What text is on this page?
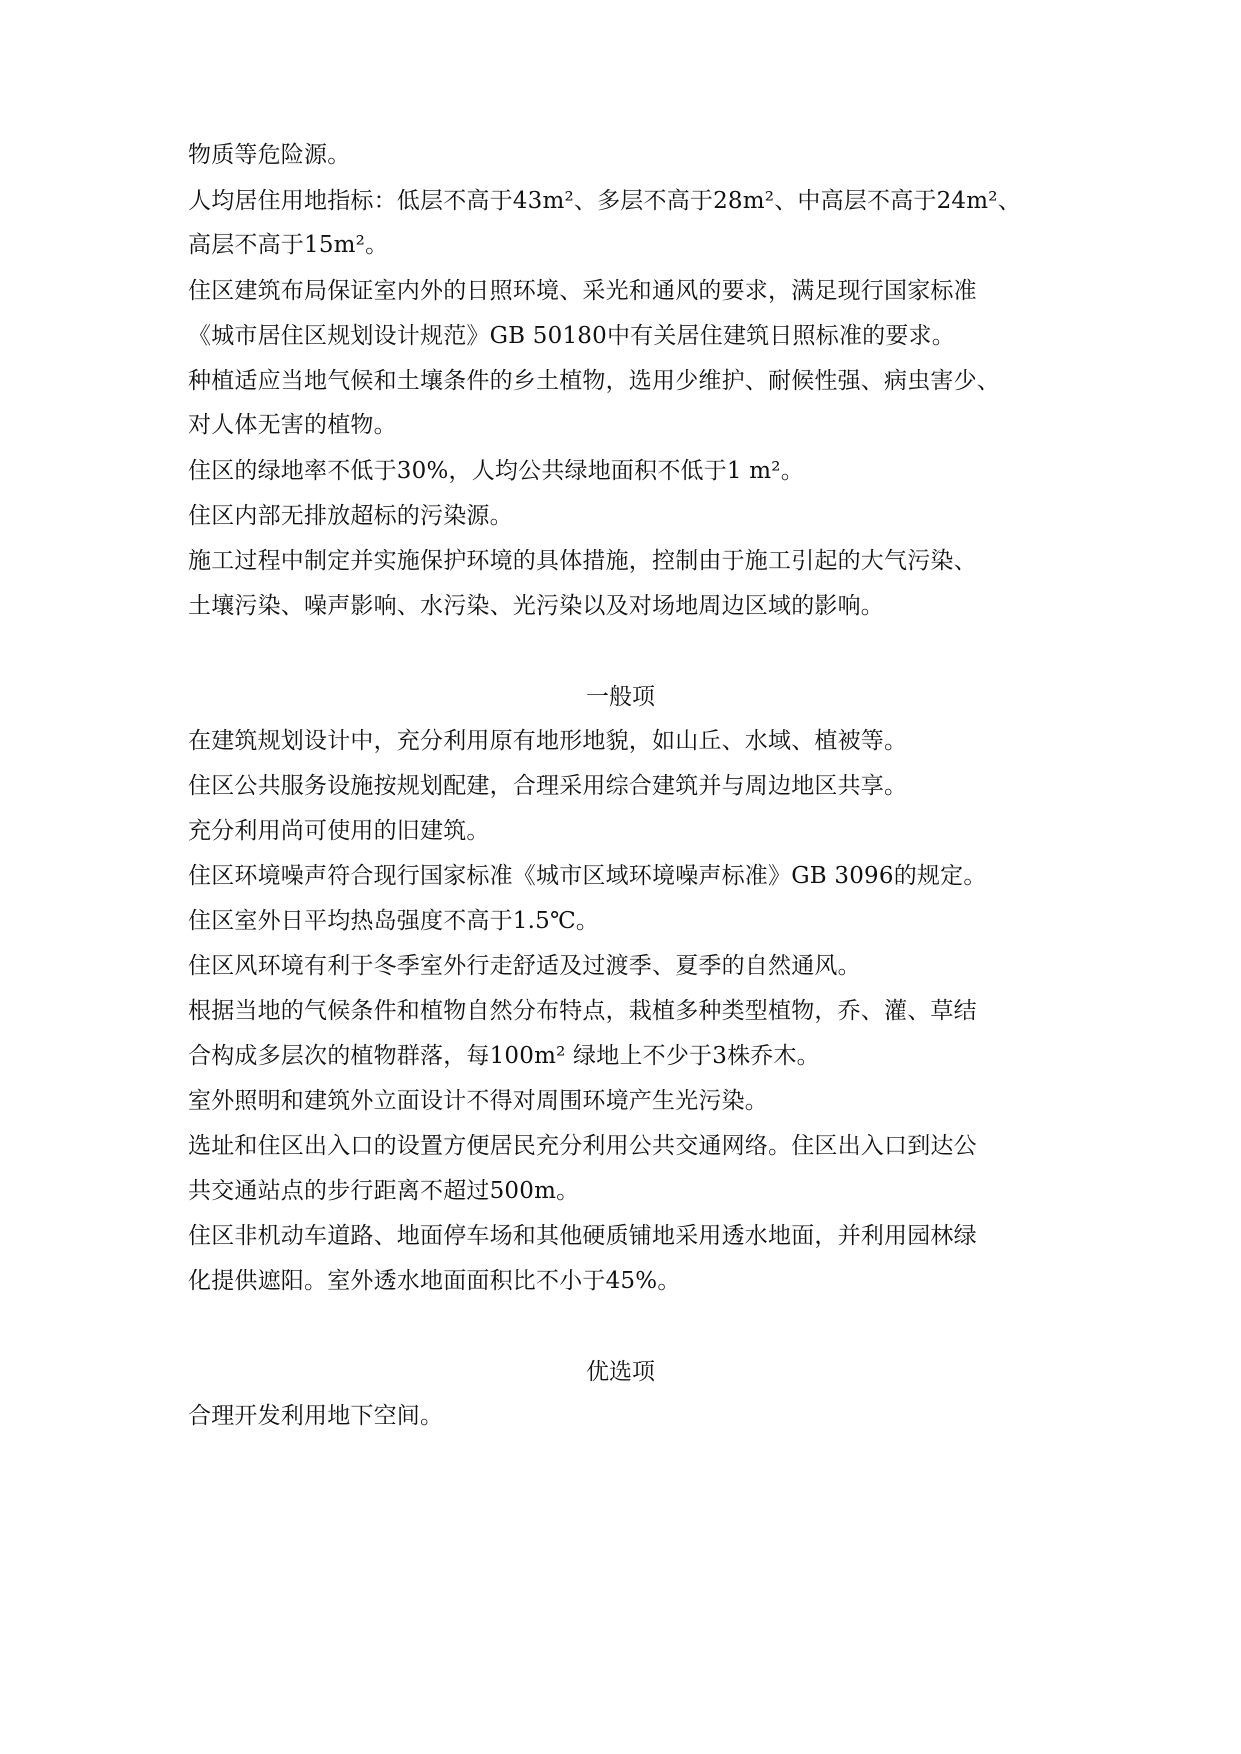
物质等危险源。
人均居住用地指标：低层不高于43m²、多层不高于28m²、中高层不高于24m²、
高层不高于15m²。
住区建筑布局保证室内外的日照环境、采光和通风的要求，满足现行国家标准
《城市居住区规划设计规范》GB 50180中有关居住建筑日照标准的要求。
种植适应当地气候和土壤条件的乡土植物，选用少维护、耐候性强、病虫害少、
对人体无害的植物。
住区的绿地率不低于30%，人均公共绿地面积不低于1 m²。
住区内部无排放超标的污染源。
施工过程中制定并实施保护环境的具体措施，控制由于施工引起的大气污染、
土壤污染、噪声影响、水污染、光污染以及对场地周边区域的影响。
一般项
在建筑规划设计中，充分利用原有地形地貌，如山丘、水域、植被等。
住区公共服务设施按规划配建，合理采用综合建筑并与周边地区共享。
充分利用尚可使用的旧建筑。
住区环境噪声符合现行国家标准《城市区域环境噪声标准》GB 3096的规定。
住区室外日平均热岛强度不高于1.5℃。
住区风环境有利于冬季室外行走舒适及过渡季、夏季的自然通风。
根据当地的气候条件和植物自然分布特点，栽植多种类型植物，乔、灌、草结
合构成多层次的植物群落，每100m² 绿地上不少于3株乔木。
室外照明和建筑外立面设计不得对周围环境产生光污染。
选址和住区出入口的设置方便居民充分利用公共交通网络。住区出入口到达公
共交通站点的步行距离不超过500m。
住区非机动车道路、地面停车场和其他硬质铺地采用透水地面，并利用园林绿
化提供遮阳。室外透水地面面积比不小于45%。
优选项
合理开发利用地下空间。
